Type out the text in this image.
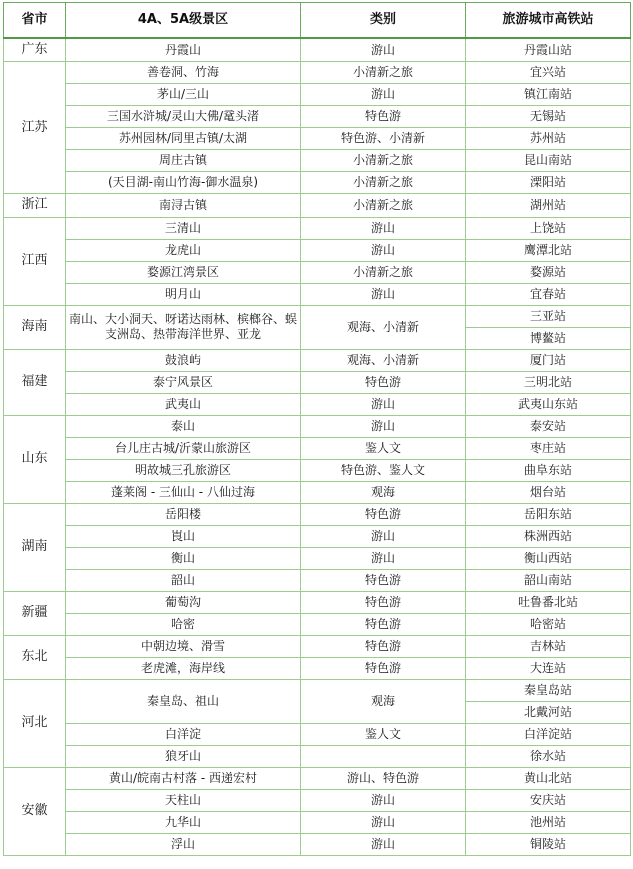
省市	4A、5A级景区	类别	旅游城市高铁站
广东	丹霞山	游山	丹霞山站
江苏	善卷洞、竹海	小清新之旅	宜兴站
	茅山/三山	游山	镇江南站
	三国水浒城/灵山大佛/鼋头渚	特色游	无锡站
	苏州园林/同里古镇/太湖	特色游、小清新	苏州站
	周庄古镇	小清新之旅	昆山南站
	(天目湖-南山竹海-御水温泉)	小清新之旅	溧阳站
浙江	南浔古镇	小清新之旅	湖州站
江西	三清山	游山	上饶站
	龙虎山	游山	鹰潭北站
	婺源江湾景区	小清新之旅	婺源站
	明月山	游山	宜春站
海南	南山、大小洞天、呀诺达雨林、槟榔谷、蜈支洲岛、热带海洋世界、亚龙	观海、小清新	三亚站
			博鳌站
福建	鼓浪屿	观海、小清新	厦门站
	泰宁风景区	特色游	三明北站
	武夷山	游山	武夷山东站
山东	泰山	游山	泰安站
	台儿庄古城/沂蒙山旅游区	鉴人文	枣庄站
	明故城三孔旅游区	特色游、鉴人文	曲阜东站
	蓬莱阁 - 三仙山 - 八仙过海	观海	烟台站
湖南	岳阳楼	特色游	岳阳东站
	崀山	游山	株洲西站
	衡山	游山	衡山西站
	韶山	特色游	韶山南站
新疆	葡萄沟	特色游	吐鲁番北站
	哈密	特色游	哈密站
东北	中朝边境、滑雪	特色游	吉林站
	老虎滩，海岸线	特色游	大连站
河北	秦皇岛、祖山	观海	秦皇岛站
			北戴河站
	白洋淀	鉴人文	白洋淀站
	狼牙山		徐水站
安徽	黄山/皖南古村落 - 西递宏村	游山、特色游	黄山北站
	天柱山	游山	安庆站
	九华山	游山	池州站
	浮山	游山	铜陵站
